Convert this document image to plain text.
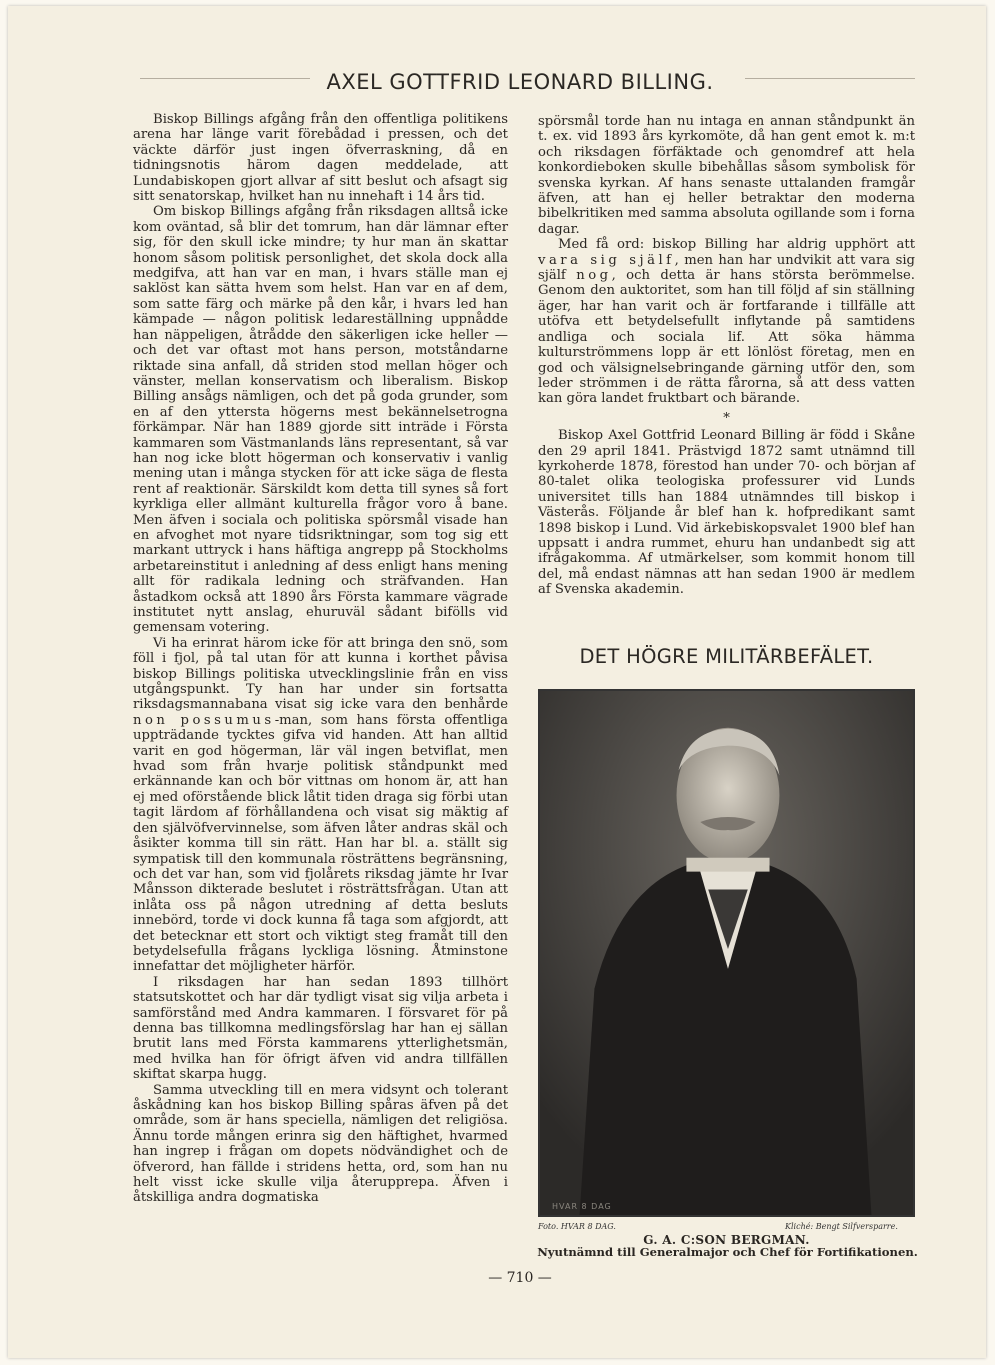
AXEL GOTTFRID LEONARD BILLING.

Biskop Billings afgång från den offentliga politikens arena har länge varit förebådad i pressen, och det väckte därför just ingen öfverraskning, då en tidningsnotis härom dagen meddelade, att Lundabiskopen gjort allvar af sitt beslut och afsagt sig sitt senatorskap, hvilket han nu innehaft i 14 års tid.

Om biskop Billings afgång från riksdagen alltså icke kom oväntad, så blir det tomrum, han där lämnar efter sig, för den skull icke mindre; ty hur man än skattar honom såsom politisk personlighet, det skola dock alla medgifva, att han var en man, i hvars ställe man ej saklöst kan sätta hvem som helst. Han var en af dem, som satte färg och märke på den kår, i hvars led han kämpade — någon politisk ledareställning uppnådde han näppeligen, åtrådde den säkerligen icke heller — och det var oftast mot hans person, motståndarne riktade sina anfall, då striden stod mellan höger och vänster, mellan konservatism och liberalism. Biskop Billing ansågs nämligen, och det på goda grunder, som en af den yttersta högerns mest bekännelsetrogna förkämpar. När han 1889 gjorde sitt inträde i Första kammaren som Västmanlands läns representant, så var han nog icke blott högerman och konservativ i vanlig mening utan i många stycken för att icke säga de flesta rent af reaktionär. Särskildt kom detta till synes så fort kyrkliga eller allmänt kulturella frågor voro å bane. Men äfven i sociala och politiska spörsmål visade han en afvoghet mot nyare tidsriktningar, som tog sig ett markant uttryck i hans häftiga angrepp på Stockholms arbetareinstitut i anledning af dess enligt hans mening allt för radikala ledning och sträfvanden. Han åstadkom också att 1890 års Första kammare vägrade institutet nytt anslag, ehuruväl sådant bifölls vid gemensam votering.

Vi ha erinrat härom icke för att bringa den snö, som föll i fjol, på tal utan för att kunna i korthet påvisa biskop Billings politiska utvecklingslinie från en viss utgångspunkt. Ty han har under sin fortsatta riksdagsmannabana visat sig icke vara den benhårde non possumus-man, som hans första offentliga uppträdande tycktes gifva vid handen. Att han alltid varit en god högerman, lär väl ingen betviflat, men hvad som från hvarje politisk ståndpunkt med erkännande kan och bör vittnas om honom är, att han ej med oförstående blick låtit tiden draga sig förbi utan tagit lärdom af förhållandena och visat sig mäktig af den självöfvervinnelse, som äfven låter andras skäl och åsikter komma till sin rätt. Han har bl. a. ställt sig sympatisk till den kommunala rösträttens begränsning, och det var han, som vid fjolårets riksdag jämte hr Ivar Månsson dikterade beslutet i rösträttsfrågan. Utan att inlåta oss på någon utredning af detta besluts innebörd, torde vi dock kunna få taga som afgjordt, att det betecknar ett stort och viktigt steg framåt till den betydelsefulla frågans lyckliga lösning. Åtminstone innefattar det möjligheter härför.

I riksdagen har han sedan 1893 tillhört statsutskottet och har där tydligt visat sig vilja arbeta i samförstånd med Andra kammaren. I försvaret för på denna bas tillkomna medlingsförslag har han ej sällan brutit lans med Första kammarens ytterlighetsmän, med hvilka han för öfrigt äfven vid andra tillfällen skiftat skarpa hugg.

Samma utveckling till en mera vidsynt och tolerant åskådning kan hos biskop Billing spåras äfven på det område, som är hans speciella, nämligen det religiösa. Ännu torde mången erinra sig den häftighet, hvarmed han ingrep i frågan om dopets nödvändighet och de öfverord, han fällde i stridens hetta, ord, som han nu helt visst icke skulle vilja återupprepa. Äfven i åtskilliga andra dogmatiska

spörsmål torde han nu intaga en annan ståndpunkt än t. ex. vid 1893 års kyrkomöte, då han gent emot k. m:t och riksdagen förfäktade och genomdref att hela konkordieboken skulle bibehållas såsom symbolisk för svenska kyrkan. Af hans senaste uttalanden framgår äfven, att han ej heller betraktar den moderna bibelkritiken med samma absoluta ogillande som i forna dagar.

Med få ord: biskop Billing har aldrig upphört att vara sig själf, men han har undvikit att vara sig själf nog, och detta är hans största berömmelse. Genom den auktoritet, som han till följd af sin ställning äger, har han varit och är fortfarande i tillfälle att utöfva ett betydelsefullt inflytande på samtidens andliga och sociala lif. Att söka hämma kulturströmmens lopp är ett lönlöst företag, men en god och välsignelsebringande gärning utför den, som leder strömmen i de rätta fårorna, så att dess vatten kan göra landet fruktbart och bärande.

*

Biskop Axel Gottfrid Leonard Billing är född i Skåne den 29 april 1841. Prästvigd 1872 samt utnämnd till kyrkoherde 1878, förestod han under 70- och början af 80-talet olika teologiska professurer vid Lunds universitet tills han 1884 utnämndes till biskop i Västerås. Följande år blef han k. hofpredikant samt 1898 biskop i Lund. Vid ärkebiskopsvalet 1900 blef han uppsatt i andra rummet, ehuru han undanbedt sig att ifrågakomma. Af utmärkelser, som kommit honom till del, må endast nämnas att han sedan 1900 är medlem af Svenska akademin.

DET HÖGRE MILITÄRBEFÄLET.
HVAR 8 DAG
Foto. HVAR 8 DAG.	Kliché: Bengt Silfversparre.
G. A. C:SON BERGMAN.
Nyutnämnd till Generalmajor och Chef för Fortifikationen.
— 710 —
